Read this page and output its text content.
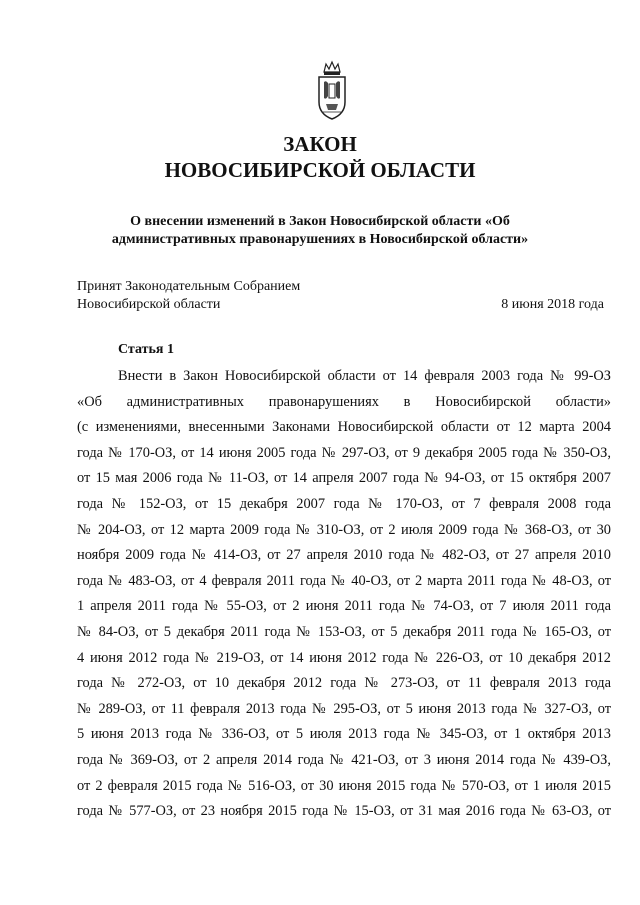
ЗАКОН
НОВОСИБИРСКОЙ ОБЛАСТИ
О внесении изменений в Закон Новосибирской области «Об административных правонарушениях в Новосибирской области»
Принят Законодательным Собранием
Новосибирской области	8 июня 2018 года
Статья 1
Внести в Закон Новосибирской области от 14 февраля 2003 года № 99-ОЗ
«Об административных правонарушениях в Новосибирской области»
(с изменениями, внесенными Законами Новосибирской области от 12 марта 2004
года № 170-ОЗ, от 14 июня 2005 года № 297-ОЗ, от 9 декабря 2005 года № 350-ОЗ,
от 15 мая 2006 года № 11-ОЗ, от 14 апреля 2007 года № 94-ОЗ, от 15 октября 2007
года № 152-ОЗ, от 15 декабря 2007 года № 170-ОЗ, от 7 февраля 2008 года
№ 204-ОЗ, от 12 марта 2009 года № 310-ОЗ, от 2 июля 2009 года № 368-ОЗ, от 30
ноября 2009 года № 414-ОЗ, от 27 апреля 2010 года № 482-ОЗ, от 27 апреля 2010
года № 483-ОЗ, от 4 февраля 2011 года № 40-ОЗ, от 2 марта 2011 года № 48-ОЗ, от
1 апреля 2011 года № 55-ОЗ, от 2 июня 2011 года № 74-ОЗ, от 7 июля 2011 года
№ 84-ОЗ, от 5 декабря 2011 года № 153-ОЗ, от 5 декабря 2011 года № 165-ОЗ, от
4 июня 2012 года № 219-ОЗ, от 14 июня 2012 года № 226-ОЗ, от 10 декабря 2012
года № 272-ОЗ, от 10 декабря 2012 года № 273-ОЗ, от 11 февраля 2013 года
№ 289-ОЗ, от 11 февраля 2013 года № 295-ОЗ, от 5 июня 2013 года № 327-ОЗ, от
5 июня 2013 года № 336-ОЗ, от 5 июля 2013 года № 345-ОЗ, от 1 октября 2013
года № 369-ОЗ, от 2 апреля 2014 года № 421-ОЗ, от 3 июня 2014 года № 439-ОЗ,
от 2 февраля 2015 года № 516-ОЗ, от 30 июня 2015 года № 570-ОЗ, от 1 июля 2015
года № 577-ОЗ, от 23 ноября 2015 года № 15-ОЗ, от 31 мая 2016 года № 63-ОЗ, от
